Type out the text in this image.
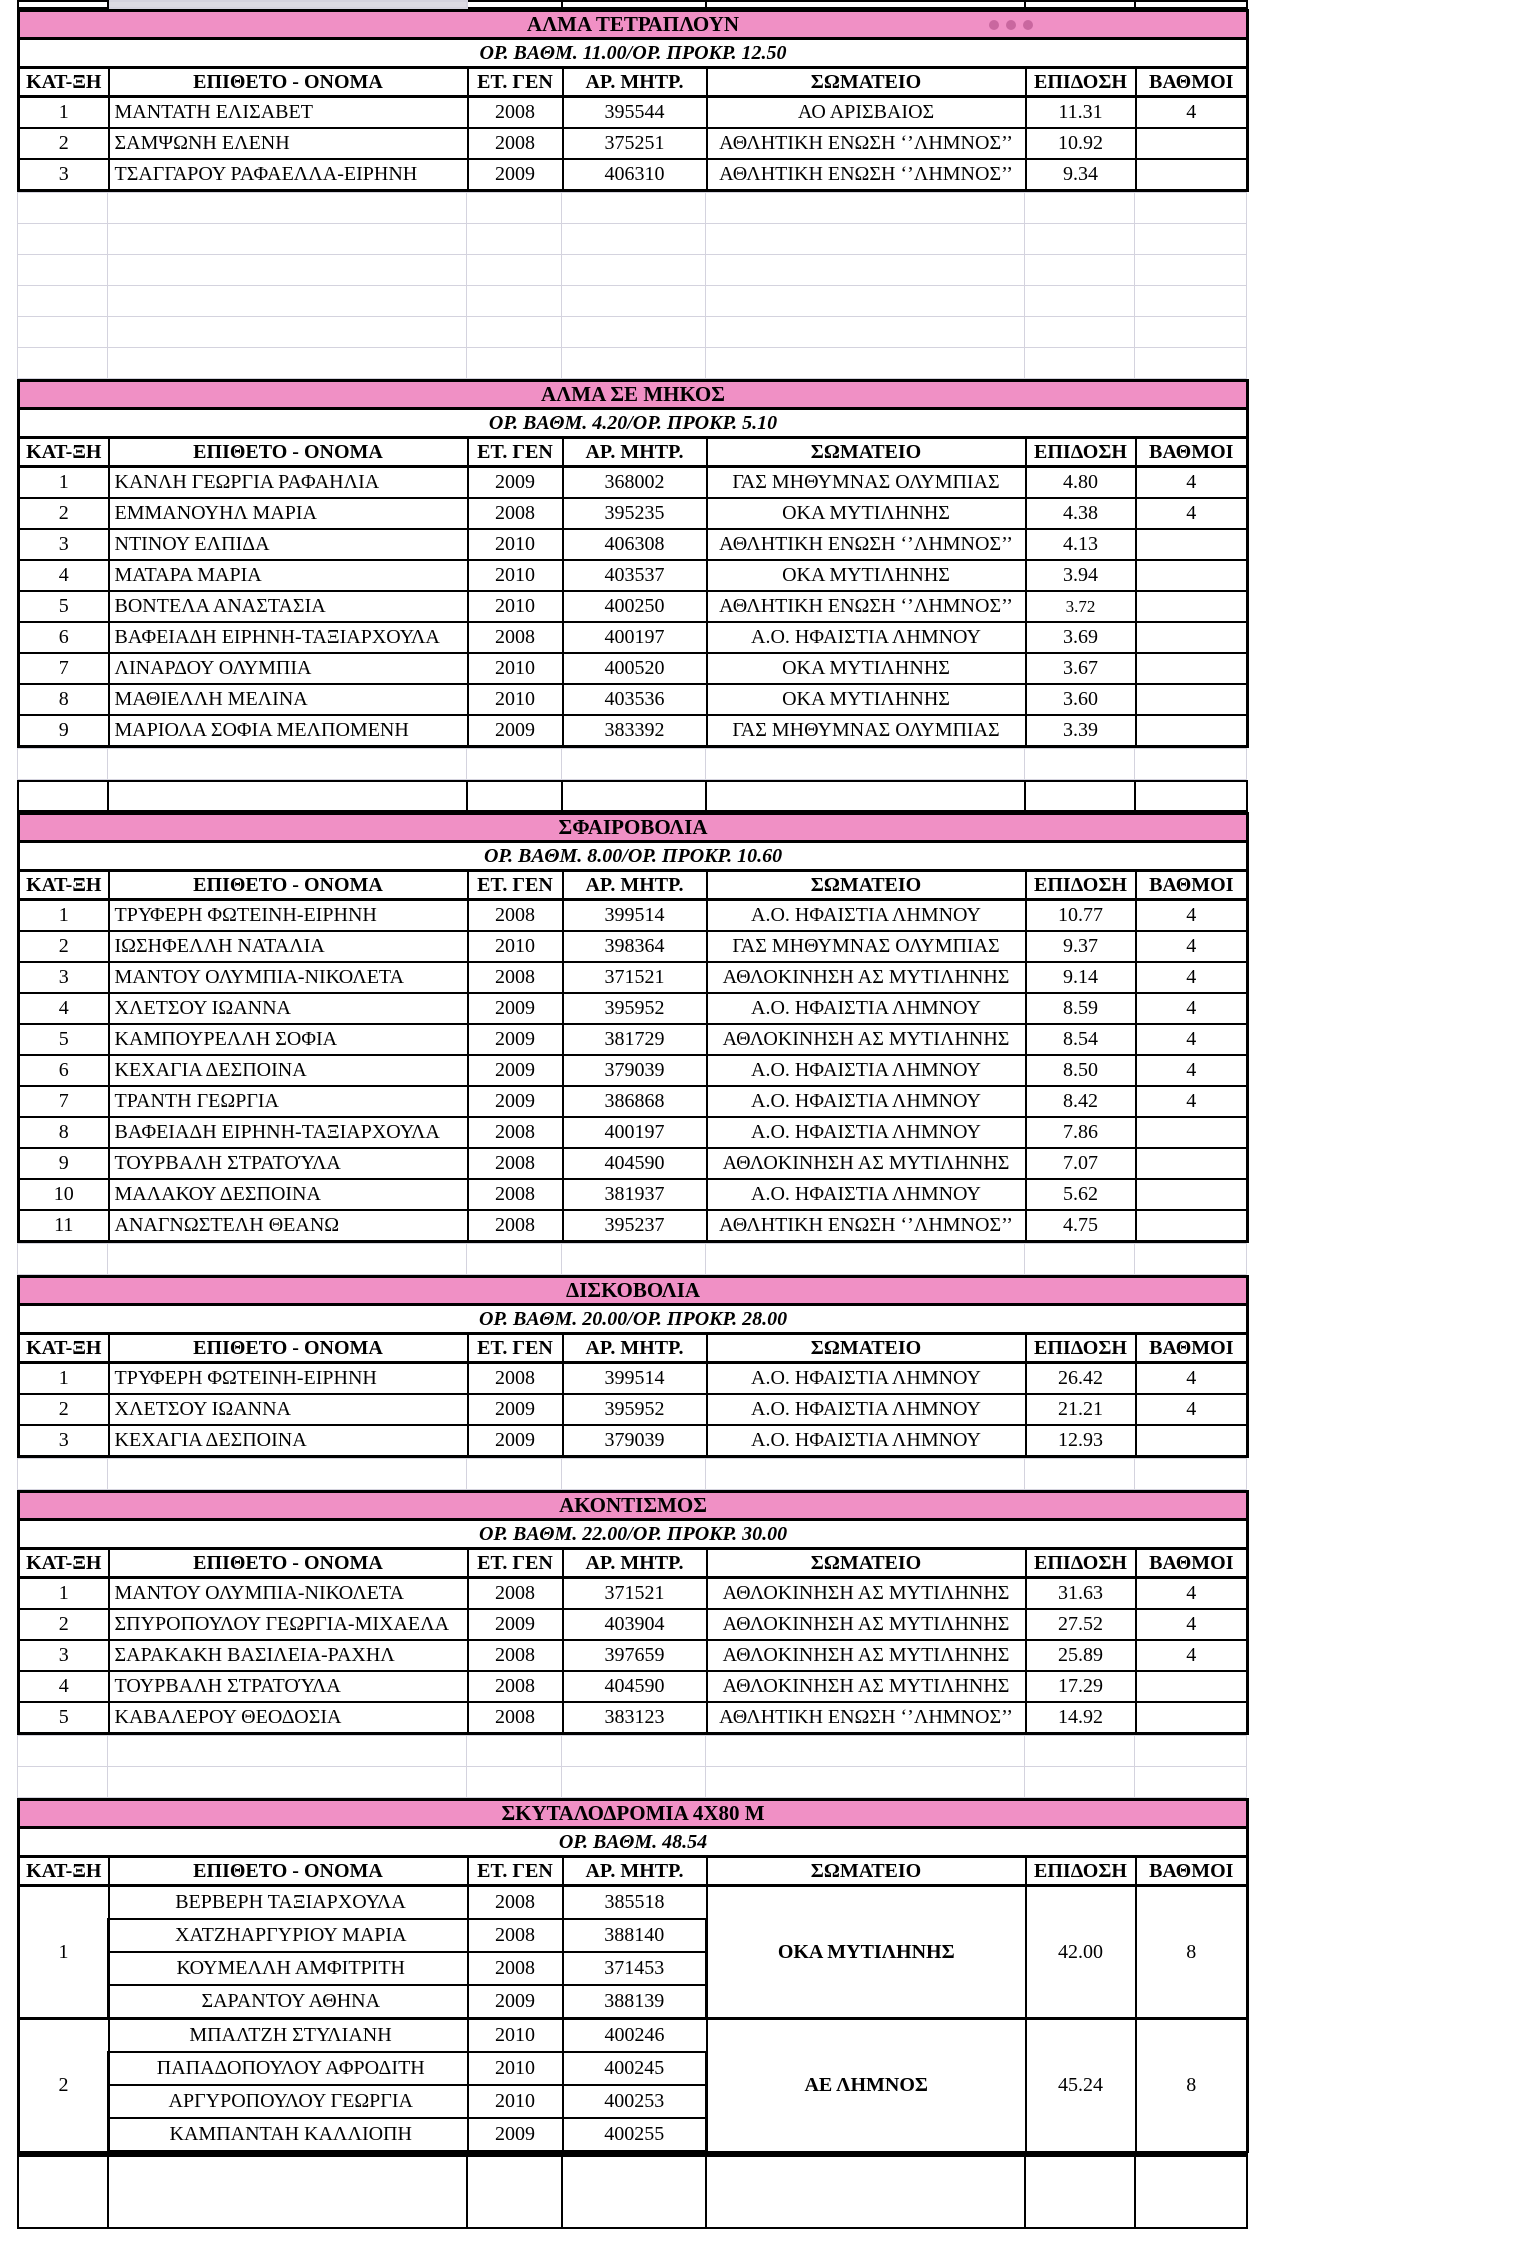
ΑΛΜΑ ΤΕΤΡΑΠΛΟΥΝ						

ΟΡ. ΒΑΘΜ. 11.00/ΟΡ. ΠΡΟΚΡ. 12.50						

ΚΑΤ-ΞΗ	ΕΠΙΘΕΤΟ - ΟΝΟΜΑ	ΕΤ. ΓΕΝ	ΑΡ. ΜΗΤΡ.	ΣΩΜΑΤΕΙΟ	ΕΠΙΔΟΣΗ	ΒΑΘΜΟΙ

1	ΜΑΝΤΑΤΗ ΕΛΙΣΑΒΕΤ	2008	395544	ΑΟ ΑΡΙΣΒΑΙΟΣ	11.31	4
2	ΣΑΜΨΩΝΗ ΕΛΕΝΗ	2008	375251	ΑΘΛΗΤΙΚΗ ΕΝΩΣΗ ‘’ΛΗΜΝΟΣ’’	10.92	
3	ΤΣΑΓΓΑΡΟΥ ΡΑΦΑΕΛΛΑ-ΕΙΡΗΝΗ	2009	406310	ΑΘΛΗΤΙΚΗ ΕΝΩΣΗ ‘’ΛΗΜΝΟΣ’’	9.34	

ΑΛΜΑ ΣΕ ΜΗΚΟΣ						
ΟΡ. ΒΑΘΜ. 4.20/ΟΡ. ΠΡΟΚΡ. 5.10						

ΚΑΤ-ΞΗ	ΕΠΙΘΕΤΟ - ΟΝΟΜΑ	ΕΤ. ΓΕΝ	ΑΡ. ΜΗΤΡ.	ΣΩΜΑΤΕΙΟ	ΕΠΙΔΟΣΗ	ΒΑΘΜΟΙ

1	ΚΑΝΛΗ ΓΕΩΡΓΙΑ ΡΑΦΑΗΛΙΑ	2009	368002	ΓΑΣ ΜΗΘΥΜΝΑΣ ΟΛΥΜΠΙΑΣ	4.80	4
2	ΕΜΜΑΝΟΥΗΛ ΜΑΡΙΑ	2008	395235	ΟΚΑ ΜΥΤΙΛΗΝΗΣ	4.38	4
3	ΝΤΙΝΟΥ ΕΛΠΙΔΑ	2010	406308	ΑΘΛΗΤΙΚΗ ΕΝΩΣΗ ‘’ΛΗΜΝΟΣ’’	4.13	
4	ΜΑΤΑΡΑ ΜΑΡΙΑ	2010	403537	ΟΚΑ ΜΥΤΙΛΗΝΗΣ	3.94	
5	ΒΟΝΤΕΛΑ ΑΝΑΣΤΑΣΙΑ	2010	400250	ΑΘΛΗΤΙΚΗ ΕΝΩΣΗ ‘’ΛΗΜΝΟΣ’’	3.72	
6	ΒΑΦΕΙΑΔΗ ΕΙΡΗΝΗ-ΤΑΞΙΑΡΧΟΥΛΑ	2008	400197	Α.Ο. ΗΦΑΙΣΤΙΑ ΛΗΜΝΟΥ	3.69	
7	ΛΙΝΑΡΔΟΥ ΟΛΥΜΠΙΑ	2010	400520	ΟΚΑ ΜΥΤΙΛΗΝΗΣ	3.67	
8	ΜΑΘΙΕΛΛΗ ΜΕΛΙΝΑ	2010	403536	ΟΚΑ ΜΥΤΙΛΗΝΗΣ	3.60	
9	ΜΑΡΙΟΛΑ ΣΟΦΙΑ ΜΕΛΠΟΜΕΝΗ	2009	383392	ΓΑΣ ΜΗΘΥΜΝΑΣ ΟΛΥΜΠΙΑΣ	3.39	

ΣΦΑΙΡΟΒΟΛΙΑ						
ΟΡ. ΒΑΘΜ. 8.00/ΟΡ. ΠΡΟΚΡ. 10.60						

ΚΑΤ-ΞΗ	ΕΠΙΘΕΤΟ - ΟΝΟΜΑ	ΕΤ. ΓΕΝ	ΑΡ. ΜΗΤΡ.	ΣΩΜΑΤΕΙΟ	ΕΠΙΔΟΣΗ	ΒΑΘΜΟΙ

1	ΤΡΥΦΕΡΗ ΦΩΤΕΙΝΗ-ΕΙΡΗΝΗ	2008	399514	Α.Ο. ΗΦΑΙΣΤΙΑ ΛΗΜΝΟΥ	10.77	4
2	ΙΩΣΗΦΕΛΛΗ ΝΑΤΑΛΙΑ	2010	398364	ΓΑΣ ΜΗΘΥΜΝΑΣ ΟΛΥΜΠΙΑΣ	9.37	4
3	ΜΑΝΤΟΥ ΟΛΥΜΠΙΑ-ΝΙΚΟΛΕΤΑ	2008	371521	ΑΘΛΟΚΙΝΗΣΗ ΑΣ ΜΥΤΙΛΗΝΗΣ	9.14	4
4	ΧΛΕΤΣΟΥ ΙΩΑΝΝΑ	2009	395952	Α.Ο. ΗΦΑΙΣΤΙΑ ΛΗΜΝΟΥ	8.59	4
5	ΚΑΜΠΟΥΡΕΛΛΗ ΣΟΦΙΑ	2009	381729	ΑΘΛΟΚΙΝΗΣΗ ΑΣ ΜΥΤΙΛΗΝΗΣ	8.54	4
6	ΚΕΧΑΓΙΑ ΔΕΣΠΟΙΝΑ	2009	379039	Α.Ο. ΗΦΑΙΣΤΙΑ ΛΗΜΝΟΥ	8.50	4
7	ΤΡΑΝΤΗ ΓΕΩΡΓΙΑ	2009	386868	Α.Ο. ΗΦΑΙΣΤΙΑ ΛΗΜΝΟΥ	8.42	4
8	ΒΑΦΕΙΑΔΗ ΕΙΡΗΝΗ-ΤΑΞΙΑΡΧΟΥΛΑ	2008	400197	Α.Ο. ΗΦΑΙΣΤΙΑ ΛΗΜΝΟΥ	7.86	
9	ΤΟΥΡΒΑΛΗ ΣΤΡΑΤΟΎΛΑ	2008	404590	ΑΘΛΟΚΙΝΗΣΗ ΑΣ ΜΥΤΙΛΗΝΗΣ	7.07	
10	ΜΑΛΑΚΟΥ ΔΕΣΠΟΙΝΑ	2008	381937	Α.Ο. ΗΦΑΙΣΤΙΑ ΛΗΜΝΟΥ	5.62	
11	ΑΝΑΓΝΩΣΤΕΛΗ ΘΕΑΝΩ	2008	395237	ΑΘΛΗΤΙΚΗ ΕΝΩΣΗ ‘’ΛΗΜΝΟΣ’’	4.75	

ΔΙΣΚΟΒΟΛΙΑ						
ΟΡ. ΒΑΘΜ. 20.00/ΟΡ. ΠΡΟΚΡ. 28.00						

ΚΑΤ-ΞΗ	ΕΠΙΘΕΤΟ - ΟΝΟΜΑ	ΕΤ. ΓΕΝ	ΑΡ. ΜΗΤΡ.	ΣΩΜΑΤΕΙΟ	ΕΠΙΔΟΣΗ	ΒΑΘΜΟΙ

1	ΤΡΥΦΕΡΗ ΦΩΤΕΙΝΗ-ΕΙΡΗΝΗ	2008	399514	Α.Ο. ΗΦΑΙΣΤΙΑ ΛΗΜΝΟΥ	26.42	4
2	ΧΛΕΤΣΟΥ ΙΩΑΝΝΑ	2009	395952	Α.Ο. ΗΦΑΙΣΤΙΑ ΛΗΜΝΟΥ	21.21	4
3	ΚΕΧΑΓΙΑ ΔΕΣΠΟΙΝΑ	2009	379039	Α.Ο. ΗΦΑΙΣΤΙΑ ΛΗΜΝΟΥ	12.93	

ΑΚΟΝΤΙΣΜΟΣ						
ΟΡ. ΒΑΘΜ. 22.00/ΟΡ. ΠΡΟΚΡ. 30.00						

ΚΑΤ-ΞΗ	ΕΠΙΘΕΤΟ - ΟΝΟΜΑ	ΕΤ. ΓΕΝ	ΑΡ. ΜΗΤΡ.	ΣΩΜΑΤΕΙΟ	ΕΠΙΔΟΣΗ	ΒΑΘΜΟΙ

1	ΜΑΝΤΟΥ ΟΛΥΜΠΙΑ-ΝΙΚΟΛΕΤΑ	2008	371521	ΑΘΛΟΚΙΝΗΣΗ ΑΣ ΜΥΤΙΛΗΝΗΣ	31.63	4
2	ΣΠΥΡΟΠΟΥΛΟΥ ΓΕΩΡΓΙΑ-ΜΙΧΑΕΛΑ	2009	403904	ΑΘΛΟΚΙΝΗΣΗ ΑΣ ΜΥΤΙΛΗΝΗΣ	27.52	4
3	ΣΑΡΑΚΑΚΗ ΒΑΣΙΛΕΙΑ-ΡΑΧΗΛ	2008	397659	ΑΘΛΟΚΙΝΗΣΗ ΑΣ ΜΥΤΙΛΗΝΗΣ	25.89	4
4	ΤΟΥΡΒΑΛΗ ΣΤΡΑΤΟΎΛΑ	2008	404590	ΑΘΛΟΚΙΝΗΣΗ ΑΣ ΜΥΤΙΛΗΝΗΣ	17.29	
5	ΚΑΒΑΛΕΡΟΥ ΘΕΟΔΟΣΙΑ	2008	383123	ΑΘΛΗΤΙΚΗ ΕΝΩΣΗ ‘’ΛΗΜΝΟΣ’’	14.92	

ΣΚΥΤΑΛΟΔΡΟΜΙΑ 4X80 Μ						
ΟΡ. ΒΑΘΜ. 48.54						

ΚΑΤ-ΞΗ	ΕΠΙΘΕΤΟ - ΟΝΟΜΑ	ΕΤ. ΓΕΝ	ΑΡ. ΜΗΤΡ.	ΣΩΜΑΤΕΙΟ	ΕΠΙΔΟΣΗ	ΒΑΘΜΟΙ

1	ΒΕΡΒΕΡΗ ΤΑΞΙΑΡΧΟΥΛΑ	2008	385518	ΟΚΑ ΜΥΤΙΛΗΝΗΣ	42.00	8

	ΧΑΤΖΗΑΡΓΥΡΙΟΥ ΜΑΡΙΑ	2008	388140			

	ΚΟΥΜΕΛΛΗ ΑΜΦΙΤΡΙΤΗ	2008	371453			

	ΣΑΡΑΝΤΟΥ ΑΘΗΝΑ	2009	388139			
2	ΜΠΑΛΤΖΗ ΣΤΥΛΙΑΝΗ	2010	400246	ΑΕ ΛΗΜΝΟΣ	45.24	8

	ΠΑΠΑΔΟΠΟΥΛΟΥ ΑΦΡΟΔΙΤΗ	2010	400245			

	ΑΡΓΥΡΟΠΟΥΛΟΥ ΓΕΩΡΓΙΑ	2010	400253			

	ΚΑΜΠΑΝΤΑΗ ΚΑΛΛΙΟΠΗ	2009	400255			
